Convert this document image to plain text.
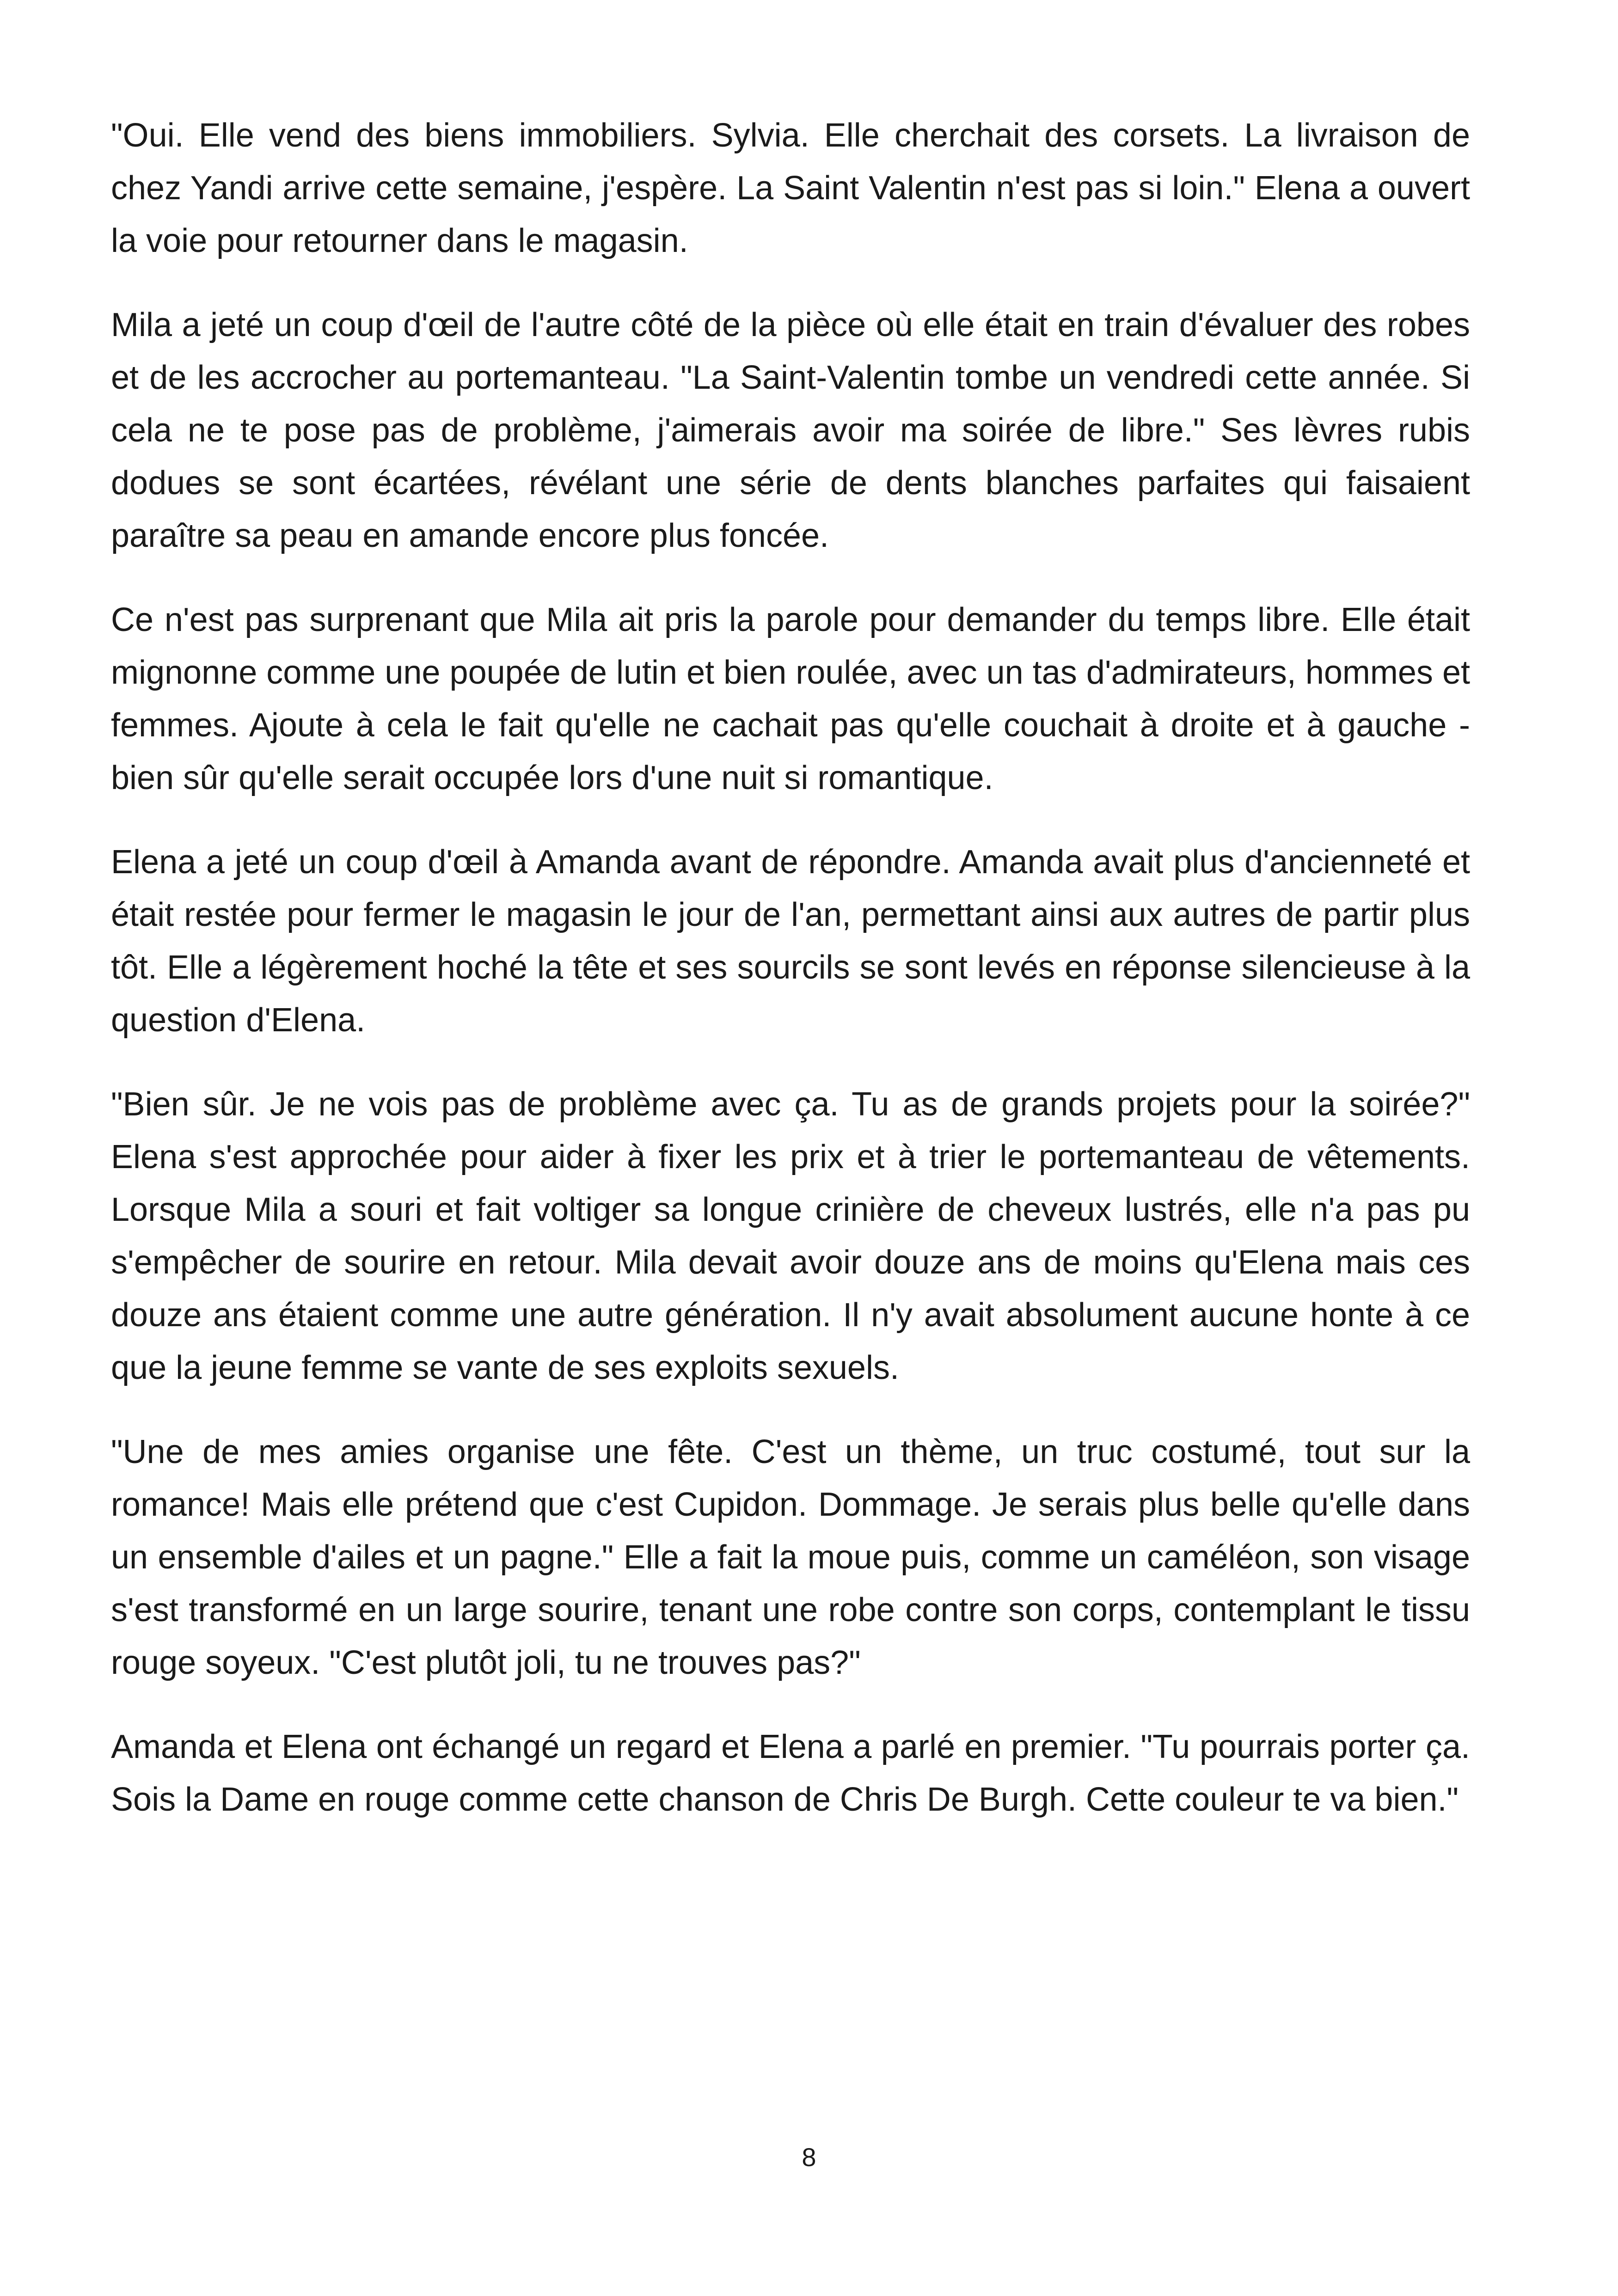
"Oui. Elle vend des biens immobiliers. Sylvia. Elle cherchait des corsets. La livraison de chez Yandi arrive cette semaine, j'espère. La Saint Valentin n'est pas si loin." Elena a ouvert la voie pour retourner dans le magasin.

Mila a jeté un coup d'œil de l'autre côté de la pièce où elle était en train d'évaluer des robes et de les accrocher au portemanteau. "La Saint-Valentin tombe un vendredi cette année. Si cela ne te pose pas de problème, j'aimerais avoir ma soirée de libre." Ses lèvres rubis dodues se sont écartées, révélant une série de dents blanches parfaites qui faisaient paraître sa peau en amande encore plus foncée.

Ce n'est pas surprenant que Mila ait pris la parole pour demander du temps libre. Elle était mignonne comme une poupée de lutin et bien roulée, avec un tas d'admirateurs, hommes et femmes. Ajoute à cela le fait qu'elle ne cachait pas qu'elle couchait à droite et à gauche - bien sûr qu'elle serait occupée lors d'une nuit si romantique.

Elena a jeté un coup d'œil à Amanda avant de répondre. Amanda avait plus d'ancienneté et était restée pour fermer le magasin le jour de l'an, permettant ainsi aux autres de partir plus tôt. Elle a légèrement hoché la tête et ses sourcils se sont levés en réponse silencieuse à la question d'Elena.

"Bien sûr. Je ne vois pas de problème avec ça. Tu as de grands projets pour la soirée?" Elena s'est approchée pour aider à fixer les prix et à trier le portemanteau de vêtements. Lorsque Mila a souri et fait voltiger sa longue crinière de cheveux lustrés, elle n'a pas pu s'empêcher de sourire en retour. Mila devait avoir douze ans de moins qu'Elena mais ces douze ans étaient comme une autre génération. Il n'y avait absolument aucune honte à ce que la jeune femme se vante de ses exploits sexuels.

"Une de mes amies organise une fête. C'est un thème, un truc costumé, tout sur la romance! Mais elle prétend que c'est Cupidon. Dommage. Je serais plus belle qu'elle dans un ensemble d'ailes et un pagne." Elle a fait la moue puis, comme un caméléon, son visage s'est transformé en un large sourire, tenant une robe contre son corps, contemplant le tissu rouge soyeux. "C'est plutôt joli, tu ne trouves pas?"

Amanda et Elena ont échangé un regard et Elena a parlé en premier. "Tu pourrais porter ça. Sois la Dame en rouge comme cette chanson de Chris De Burgh. Cette couleur te va bien."

8
